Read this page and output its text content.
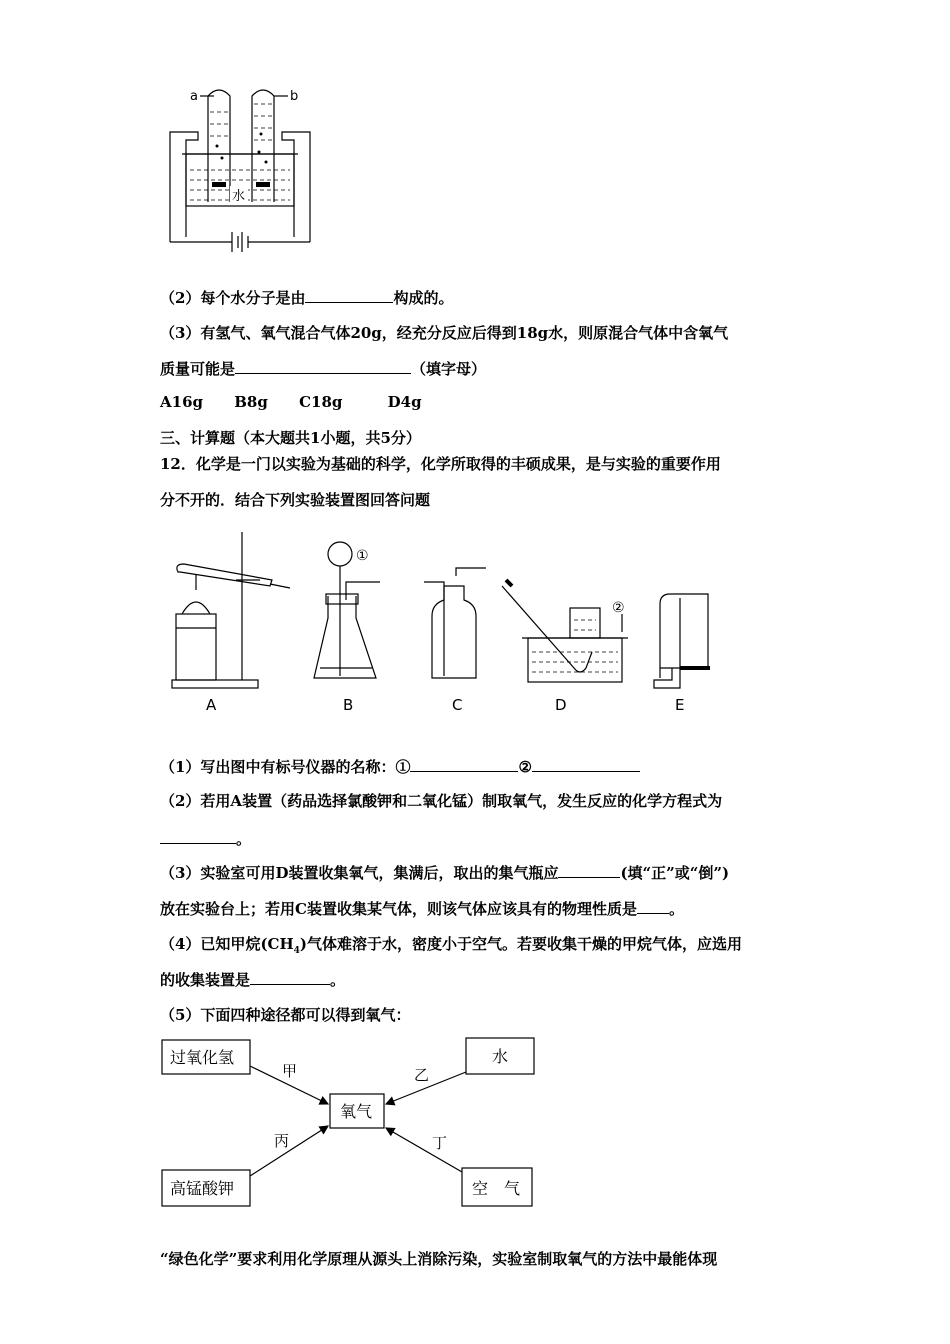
a	b
水
（2）每个水分子是由	构成的。
（3）有氢气、氧气混合气体20g，经充分反应后得到18g水，则原混合气体中含氧气
质量可能是	（填字母）
A16g B8g C18g	D4g
三、计算题（本大题共1小题，共5分）
12．化学是一门以实验为基础的科学，化学所取得的丰硕成果，是与实验的重要作用
分不开的．结合下列实验装置图回答问题
①
②
A	B	C	D	E
（1）写出图中有标号仪器的名称：①	②
（2）若用A装置（药品选择氯酸钾和二氧化锰）制取氧气，发生反应的化学方程式为
。
（3）实验室可用D装置收集氧气，集满后，取出的集气瓶应	(填“正”或“倒”)
放在实验台上；若用C装置收集某气体，则该气体应该具有的物理性质是 。
（4）已知甲烷$(CH_4)$气体难溶于水，密度小于空气。若要收集干燥的甲烷气体，应选用
的收集装置是	。
（5）下面四种途径都可以得到氧气：
过氧化氢	水
氧气
高锰酸钾	空　气
甲	乙
丙	丁
“绿色化学”要求利用化学原理从源头上消除污染，实验室制取氧气的方法中最能体现
